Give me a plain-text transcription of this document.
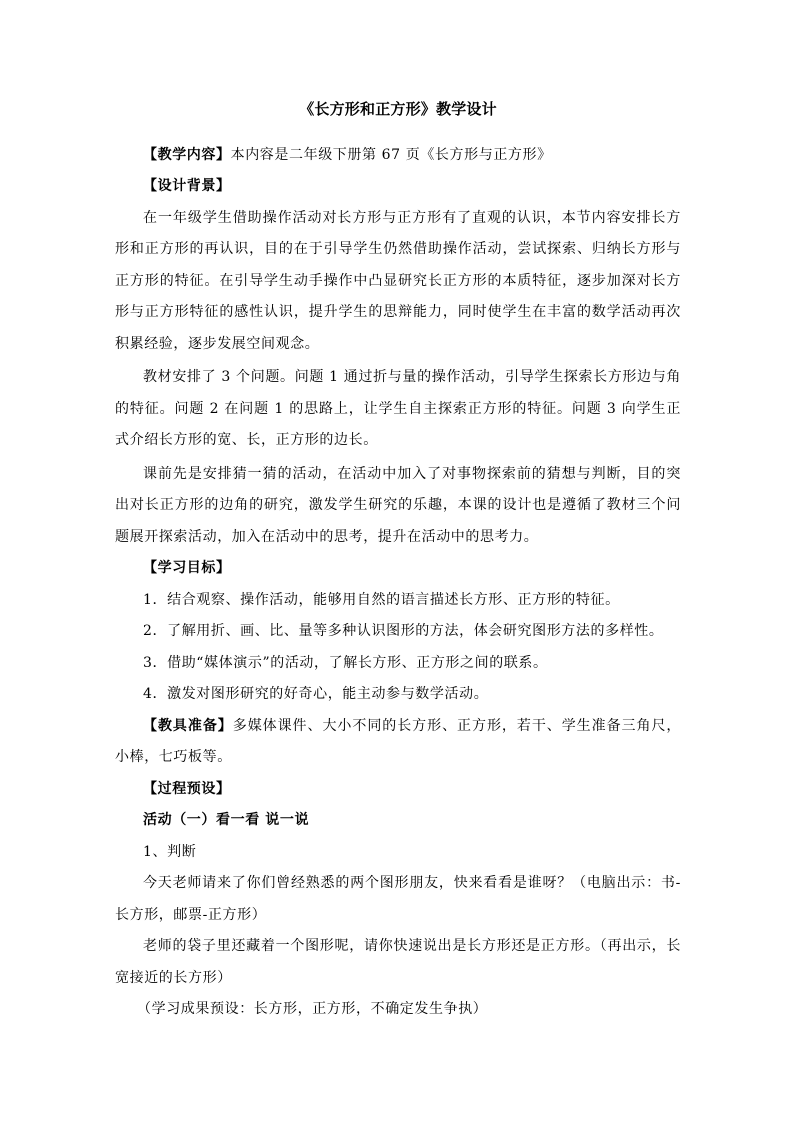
《长方形和正方形》教学设计

【教学内容】本内容是二年级下册第 67 页《长方形与正方形》

【设计背景】

在一年级学生借助操作活动对长方形与正方形有了直观的认识，本节内容安排长方形和正方形的再认识，目的在于引导学生仍然借助操作活动，尝试探索、归纳长方形与正方形的特征。在引导学生动手操作中凸显研究长正方形的本质特征，逐步加深对长方形与正方形特征的感性认识，提升学生的思辩能力，同时使学生在丰富的数学活动再次积累经验，逐步发展空间观念。

教材安排了 3 个问题。问题 1 通过折与量的操作活动，引导学生探索长方形边与角的特征。问题 2 在问题 1 的思路上，让学生自主探索正方形的特征。问题 3 向学生正式介绍长方形的宽、长，正方形的边长。

课前先是安排猜一猜的活动，在活动中加入了对事物探索前的猜想与判断，目的突出对长正方形的边角的研究，激发学生研究的乐趣，本课的设计也是遵循了教材三个问题展开探索活动，加入在活动中的思考，提升在活动中的思考力。

【学习目标】

1．结合观察、操作活动，能够用自然的语言描述长方形、正方形的特征。

2．了解用折、画、比、量等多种认识图形的方法，体会研究图形方法的多样性。

3．借助“媒体演示”的活动，了解长方形、正方形之间的联系。

4．激发对图形研究的好奇心，能主动参与数学活动。

【教具准备】多媒体课件、大小不同的长方形、正方形，若干、学生准备三角尺，小棒，七巧板等。

【过程预设】

活动（一）看一看 说一说

1、判断

今天老师请来了你们曾经熟悉的两个图形朋友，快来看看是谁呀？（电脑出示：书-长方形，邮票-正方形）

老师的袋子里还藏着一个图形呢，请你快速说出是长方形还是正方形。（再出示，长宽接近的长方形）

（学习成果预设：长方形，正方形，不确定发生争执）
